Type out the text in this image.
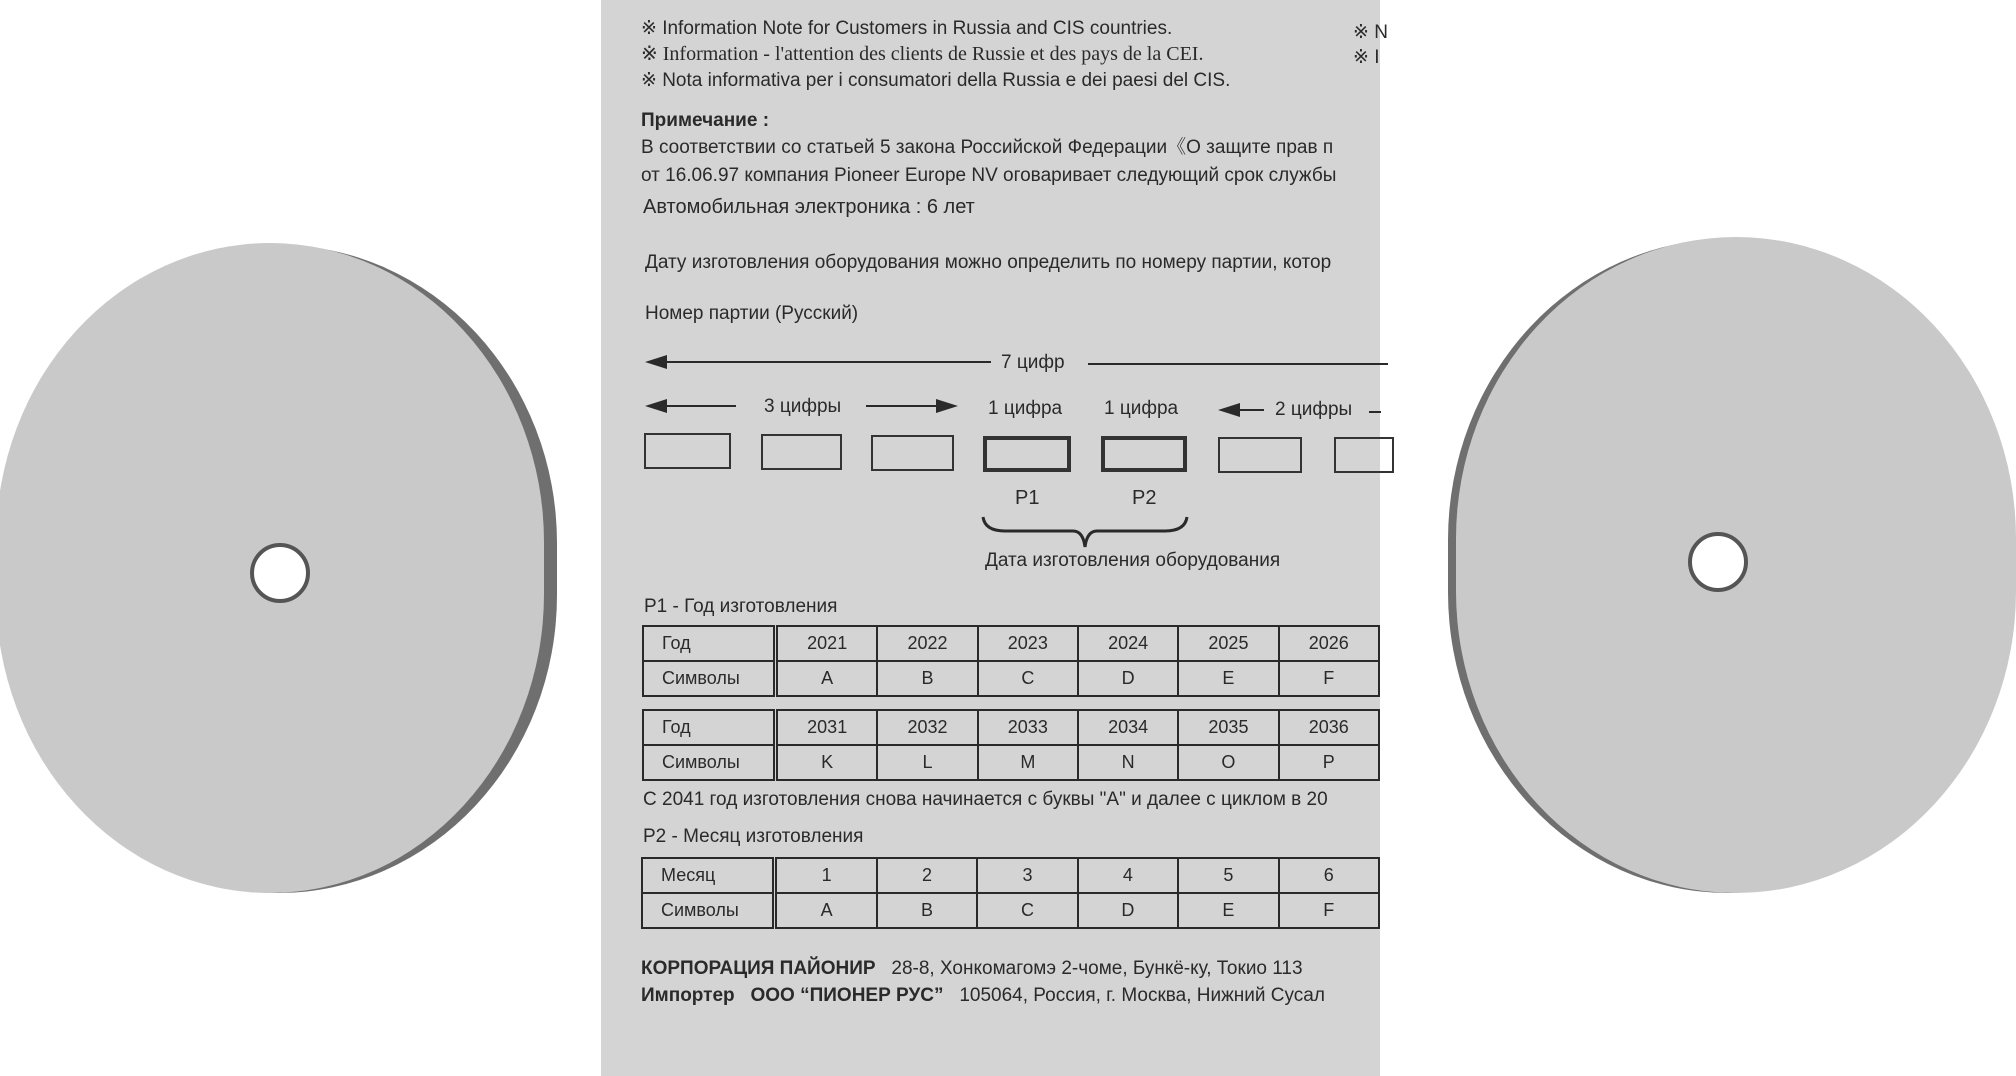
※ Information Note for Customers in Russia and CIS countries.
※ Information - l'attention des clients de Russie et des pays de la CEI.
※ Nota informativa per i consumatori della Russia e dei paesi del CIS.
※ N
※ I
Примечание :
В соответствии со статьей 5 закона Российской Федерации《О защите прав п
от 16.06.97 компания Pioneer Europe NV оговаривает следующий срок службы
Автомобильная электроника : 6 лет
Дату изготовления оборудования можно определить по номеру партии, котор
Номер партии (Русский)
7 цифр
3 цифры	1 цифра 1 цифра	2 цифры
P1	P2
Дата изготовления оборудования
P1 - Год изготовления
Год	2021	2022	2023	2024	2025	2026
Символы	A	B	C	D	E	F
Год	2031	2032	2033	2034	2035	2036
Символы	K	L	M	N	O	P
С 2041 год изготовления снова начинается с буквы "А" и далее с циклом в 20
P2 - Месяц изготовления
Месяц	1	2	3	4	5	6
Символы	A	B	C	D	E	F
КОРПОРАЦИЯ ПАЙОНИР 28-8, Хонкомагомэ 2-чоме, Бункё-ку, Токио 113
Импортер ООО “ПИОНЕР РУС” 105064, Россия, г. Москва, Нижний Сусал
